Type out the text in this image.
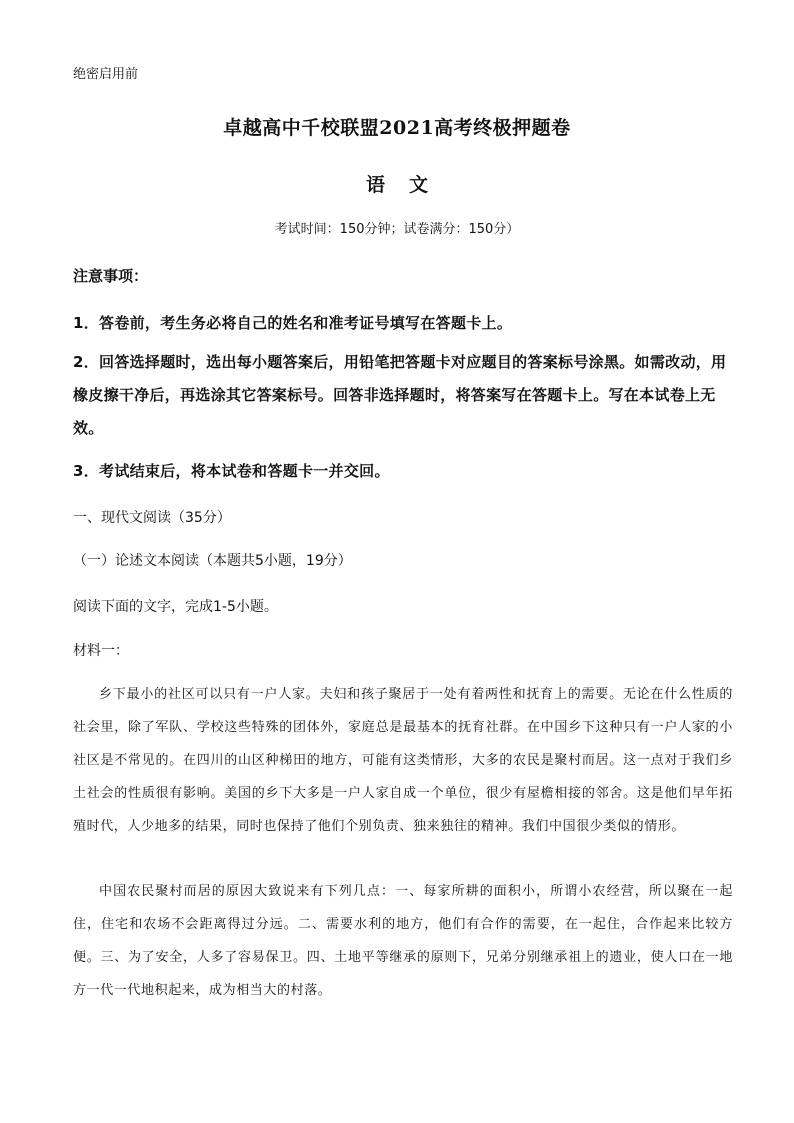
绝密启用前
卓越高中千校联盟2021高考终极押题卷
语文
考试时间：150分钟；试卷满分：150分）
注意事项：
1．答卷前，考生务必将自己的姓名和准考证号填写在答题卡上。
2．回答选择题时，选出每小题答案后，用铅笔把答题卡对应题目的答案标号涂黑。如需改动，用橡皮擦干净后，再选涂其它答案标号。回答非选择题时，将答案写在答题卡上。写在本试卷上无效。
3．考试结束后，将本试卷和答题卡一并交回。
一、现代文阅读（35分）
（一）论述文本阅读（本题共5小题，19分）
阅读下面的文字，完成1-5小题。
材料一：
乡下最小的社区可以只有一户人家。夫妇和孩子聚居于一处有着两性和抚育上的需要。无论在什么性质的社会里，除了军队、学校这些特殊的团体外，家庭总是最基本的抚育社群。在中国乡下这种只有一户人家的小社区是不常见的。在四川的山区种梯田的地方，可能有这类情形，大多的农民是聚村而居。这一点对于我们乡土社会的性质很有影响。美国的乡下大多是一户人家自成一个单位，很少有屋檐相接的邻舍。这是他们早年拓殖时代，人少地多的结果，同时也保持了他们个别负责、独来独往的精神。我们中国很少类似的情形。
中国农民聚村而居的原因大致说来有下列几点：一、每家所耕的面积小，所谓小农经营，所以聚在一起住，住宅和农场不会距离得过分远。二、需要水利的地方，他们有合作的需要，在一起住，合作起来比较方便。三、为了安全，人多了容易保卫。四、土地平等继承的原则下，兄弟分别继承祖上的遗业，使人口在一地方一代一代地积起来，成为相当大的村落。
